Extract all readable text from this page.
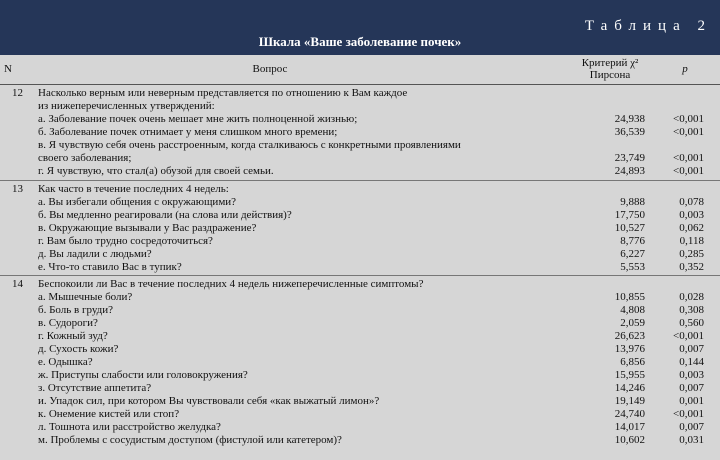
Таблица 2
Шкала «Ваше заболевание почек»
N	Вопрос	Критерий χ²
Пирсона	p
12 Насколько верным или неверным представляется по отношению к Вам каждое
из нижеперечисленных утверждений:
а. Заболевание почек очень мешает мне жить полноценной жизнью;	24,938	<0,001
б. Заболевание почек отнимает у меня слишком много времени;	36,539	<0,001
в. Я чувствую себя очень расстроенным, когда сталкиваюсь с конкретными проявлениями
своего заболевания;	23,749	<0,001
г. Я чувствую, что стал(а) обузой для своей семьи.	24,893	<0,001
13 Как часто в течение последних 4 недель:
а. Вы избегали общения с окружающими?	9,888	0,078
б. Вы медленно реагировали (на слова или действия)?	17,750	0,003
в. Окружающие вызывали у Вас раздражение?	10,527	0,062
г. Вам было трудно сосредоточиться?	8,776	0,118
д. Вы ладили с людьми?	6,227	0,285
е. Что-то ставило Вас в тупик?	5,553	0,352
14 Беспокоили ли Вас в течение последних 4 недель нижеперечисленные симптомы?
а. Мышечные боли?	10,855	0,028
б. Боль в груди?	4,808	0,308
в. Судороги?	2,059	0,560
г. Кожный зуд?	26,623	<0,001
д. Сухость кожи?	13,976	0,007
е. Одышка?	6,856	0,144
ж. Приступы слабости или головокружения?	15,955	0,003
з. Отсутствие аппетита?	14,246	0,007
и. Упадок сил, при котором Вы чувствовали себя «как выжатый лимон»?	19,149	0,001
к. Онемение кистей или стоп?	24,740	<0,001
л. Тошнота или расстройство желудка?	14,017	0,007
м. Проблемы с сосудистым доступом (фистулой или катетером)?	10,602	0,031
